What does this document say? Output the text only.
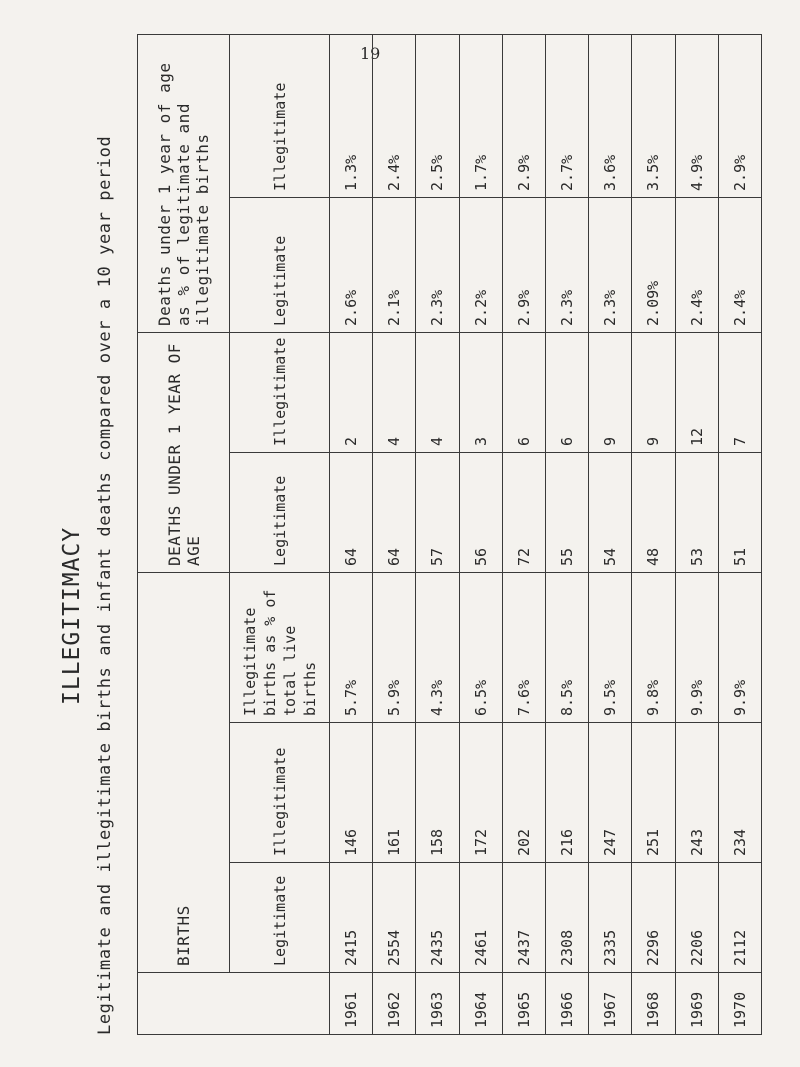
19
ILLEGITIMACY Legitimate and illegitimate births and infant deaths compared over a 10 year period
		BIRTHS			DEATHS UNDER 1 YEAR OF AGE		Deaths under 1 year of age as % of legitimate and illegitimate births	
	Legitimate	Illegitimate	Illegitimate births as % of total live births	Legitimate	Illegitimate	Legitimate	Illegitimate
1961	2415	146	5.7%	64	2	2.6%	1.3%
1962	2554	161	5.9%	64	4	2.1%	2.4%
1963	2435	158	4.3%	57	4	2.3%	2.5%
1964	2461	172	6.5%	56	3	2.2%	1.7%
1965	2437	202	7.6%	72	6	2.9%	2.9%
1966	2308	216	8.5%	55	6	2.3%	2.7%
1967	2335	247	9.5%	54	9	2.3%	3.6%
1968	2296	251	9.8%	48	9	2.09%	3.5%
1969	2206	243	9.9%	53	12	2.4%	4.9%
1970	2112	234	9.9%	51	7	2.4%	2.9%
